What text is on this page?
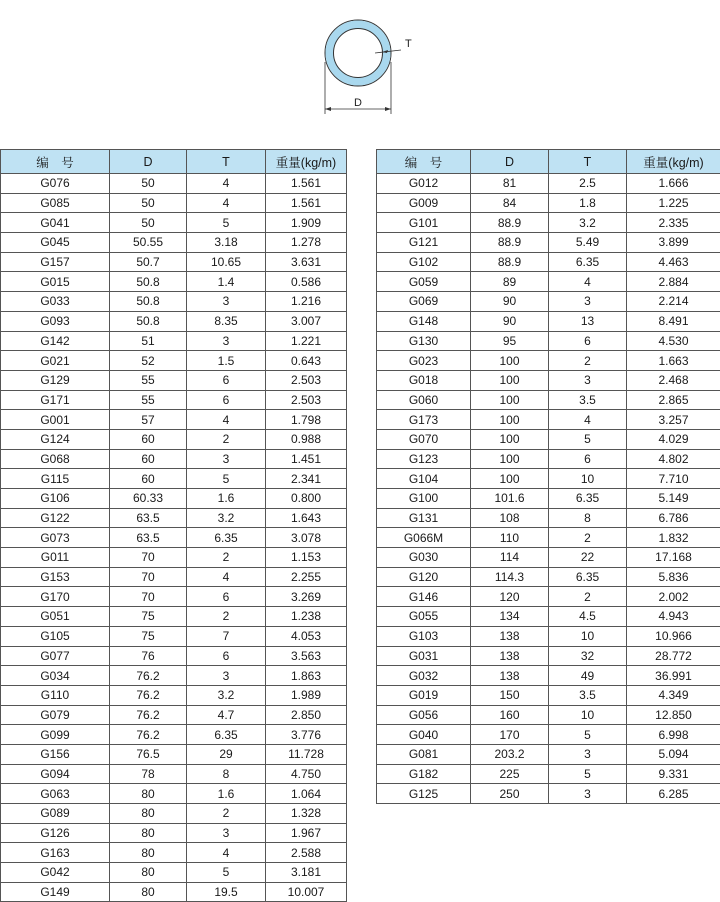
T
D
编　号	D	T	重量(kg/m)
G076	50	4	1.561
G085	50	4	1.561
G041	50	5	1.909
G045	50.55	3.18	1.278
G157	50.7	10.65	3.631
G015	50.8	1.4	0.586
G033	50.8	3	1.216
G093	50.8	8.35	3.007
G142	51	3	1.221
G021	52	1.5	0.643
G129	55	6	2.503
G171	55	6	2.503
G001	57	4	1.798
G124	60	2	0.988
G068	60	3	1.451
G115	60	5	2.341
G106	60.33	1.6	0.800
G122	63.5	3.2	1.643
G073	63.5	6.35	3.078
G011	70	2	1.153
G153	70	4	2.255
G170	70	6	3.269
G051	75	2	1.238
G105	75	7	4.053
G077	76	6	3.563
G034	76.2	3	1.863
G110	76.2	3.2	1.989
G079	76.2	4.7	2.850
G099	76.2	6.35	3.776
G156	76.5	29	11.728
G094	78	8	4.750
G063	80	1.6	1.064
G089	80	2	1.328
G126	80	3	1.967
G163	80	4	2.588
G042	80	5	3.181
G149	80	19.5	10.007
编　号	D	T	重量(kg/m)
G012	81	2.5	1.666
G009	84	1.8	1.225
G101	88.9	3.2	2.335
G121	88.9	5.49	3.899
G102	88.9	6.35	4.463
G059	89	4	2.884
G069	90	3	2.214
G148	90	13	8.491
G130	95	6	4.530
G023	100	2	1.663
G018	100	3	2.468
G060	100	3.5	2.865
G173	100	4	3.257
G070	100	5	4.029
G123	100	6	4.802
G104	100	10	7.710
G100	101.6	6.35	5.149
G131	108	8	6.786
G066M	110	2	1.832
G030	114	22	17.168
G120	114.3	6.35	5.836
G146	120	2	2.002
G055	134	4.5	4.943
G103	138	10	10.966
G031	138	32	28.772
G032	138	49	36.991
G019	150	3.5	4.349
G056	160	10	12.850
G040	170	5	6.998
G081	203.2	3	5.094
G182	225	5	9.331
G125	250	3	6.285
